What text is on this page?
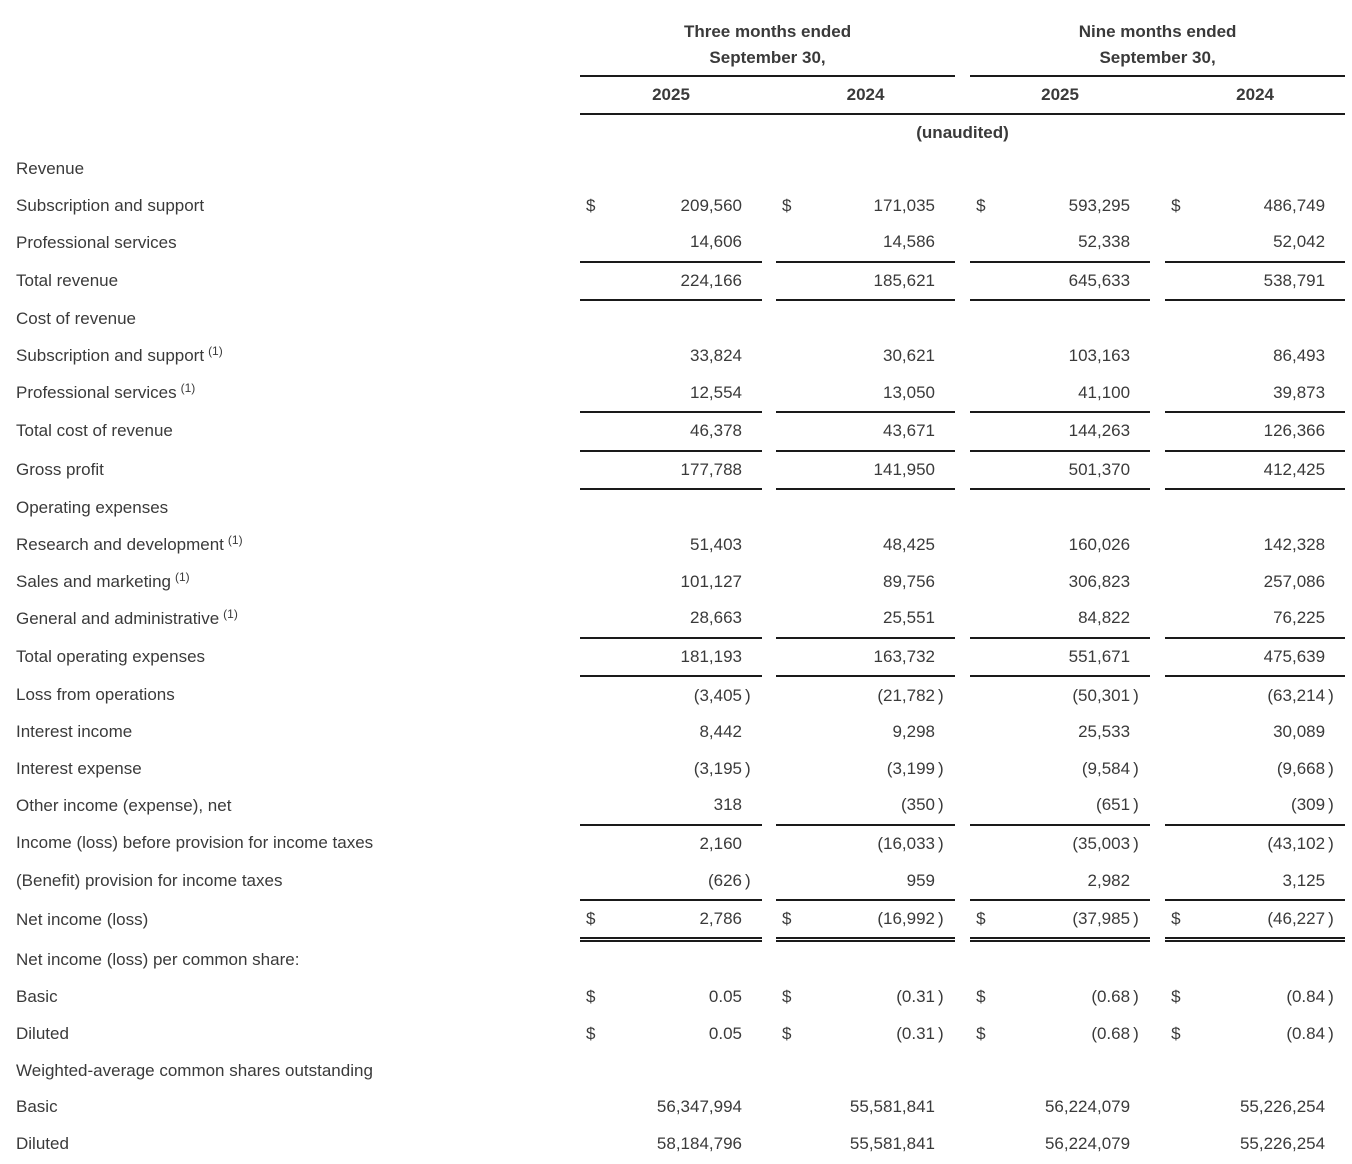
Three months ended
September 30,

Nine months ended
September 30,

	2025				2024				2025				2024			
	(unaudited)															
Revenue																
Subscription and support	$	209,560			$	171,035			$	593,295			$	486,749		
Professional services		14,606				14,586				52,338				52,042		
Total revenue		224,166				185,621				645,633				538,791		
Cost of revenue																
Subscription and support $^{(1)}$		33,824				30,621				103,163				86,493		
Professional services $^{(1)}$		12,554				13,050				41,100				39,873		
Total cost of revenue		46,378				43,671				144,263				126,366		
Gross profit		177,788				141,950				501,370				412,425		
Operating expenses																
Research and development $^{(1)}$		51,403				48,425				160,026				142,328		
Sales and marketing $^{(1)}$		101,127				89,756				306,823				257,086		
General and administrative $^{(1)}$		28,663				25,551				84,822				76,225		
Total operating expenses		181,193				163,732				551,671				475,639		
Loss from operations		(3,405	)			(21,782	)			(50,301	)			(63,214	)	
Interest income		8,442				9,298				25,533				30,089		
Interest expense		(3,195	)			(3,199	)			(9,584	)			(9,668	)	
Other income (expense), net		318				(350	)			(651	)			(309	)	
Income (loss) before provision for income taxes		2,160				(16,033	)			(35,003	)			(43,102	)	
(Benefit) provision for income taxes		(626	)			959				2,982				3,125		
Net income (loss)	$	2,786			$	(16,992	)		$	(37,985	)		$	(46,227	)	
Net income (loss) per common share:																
Basic	$	0.05			$	(0.31	)		$	(0.68	)		$	(0.84	)	
Diluted	$	0.05			$	(0.31	)		$	(0.68	)		$	(0.84	)	
Weighted-average common shares outstanding																
Basic		56,347,994				55,581,841				56,224,079				55,226,254		
Diluted		58,184,796				55,581,841				56,224,079				55,226,254		
